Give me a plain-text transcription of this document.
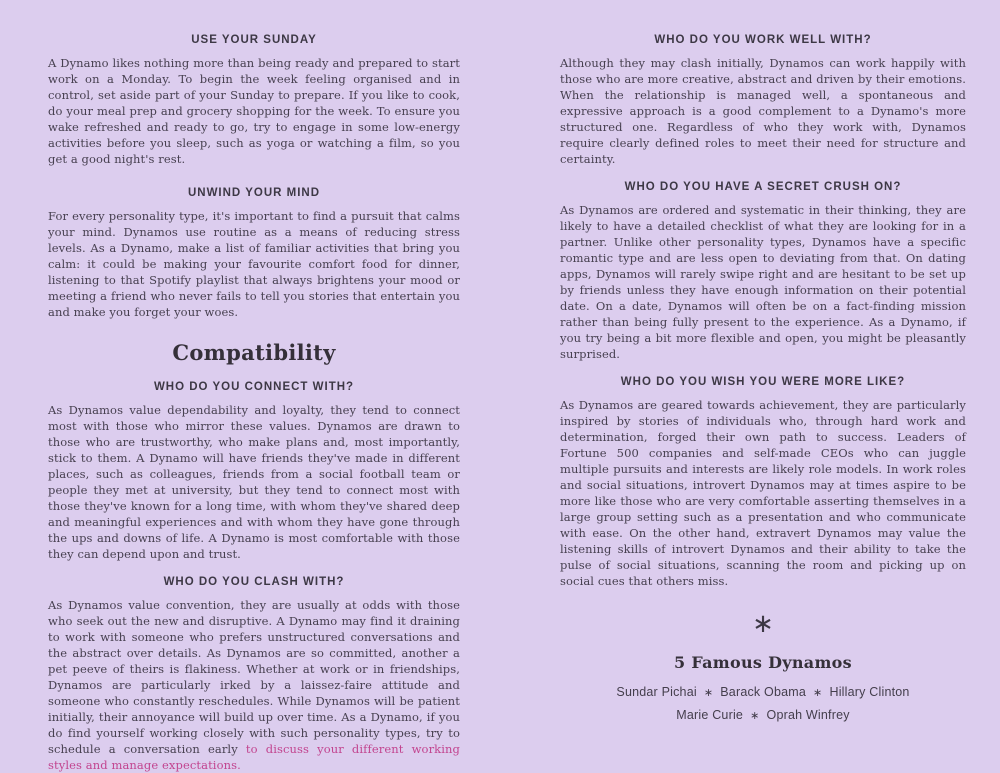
USE YOUR SUNDAY

A Dynamo likes nothing more than being ready and prepared to start work on a Monday. To begin the week feeling organised and in control, set aside part of your Sunday to prepare. If you like to cook, do your meal prep and grocery shopping for the week. To ensure you wake refreshed and ready to go, try to engage in some low-energy activities before you sleep, such as yoga or watching a film, so you get a good night's rest.

UNWIND YOUR MIND

For every personality type, it's important to find a pursuit that calms your mind. Dynamos use routine as a means of reducing stress levels. As a Dynamo, make a list of familiar activities that bring you calm: it could be making your favourite comfort food for dinner, listening to that Spotify playlist that always brightens your mood or meeting a friend who never fails to tell you stories that entertain you and make you forget your woes.

Compatibility
WHO DO YOU CONNECT WITH?

As Dynamos value dependability and loyalty, they tend to connect most with those who mirror these values. Dynamos are drawn to those who are trustworthy, who make plans and, most importantly, stick to them. A Dynamo will have friends they've made in different places, such as colleagues, friends from a social football team or people they met at university, but they tend to connect most with those they've known for a long time, with whom they've shared deep and meaningful experiences and with whom they have gone through the ups and downs of life. A Dynamo is most comfortable with those they can depend upon and trust.

WHO DO YOU CLASH WITH?

As Dynamos value convention, they are usually at odds with those who seek out the new and disruptive. A Dynamo may find it draining to work with someone who prefers unstructured conversations and the abstract over details. As Dynamos are so committed, another a pet peeve of theirs is flakiness. Whether at work or in friendships, Dynamos are particularly irked by a laissez-faire attitude and someone who constantly reschedules. While Dynamos will be patient initially, their annoyance will build up over time. As a Dynamo, if you do find yourself working closely with such personality types, try to schedule a conversation early to discuss your different working styles and manage expectations.

WHO DO YOU WORK WELL WITH?

Although they may clash initially, Dynamos can work happily with those who are more creative, abstract and driven by their emotions. When the relationship is managed well, a spontaneous and expressive approach is a good complement to a Dynamo's more structured one. Regardless of who they work with, Dynamos require clearly defined roles to meet their need for structure and certainty.

WHO DO YOU HAVE A SECRET CRUSH ON?

As Dynamos are ordered and systematic in their thinking, they are likely to have a detailed checklist of what they are looking for in a partner. Unlike other personality types, Dynamos have a specific romantic type and are less open to deviating from that. On dating apps, Dynamos will rarely swipe right and are hesitant to be set up by friends unless they have enough information on their potential date. On a date, Dynamos will often be on a fact-finding mission rather than being fully present to the experience. As a Dynamo, if you try being a bit more flexible and open, you might be pleasantly surprised.

WHO DO YOU WISH YOU WERE MORE LIKE?

As Dynamos are geared towards achievement, they are particularly inspired by stories of individuals who, through hard work and determination, forged their own path to success. Leaders of Fortune 500 companies and self-made CEOs who can juggle multiple pursuits and interests are likely role models. In work roles and social situations, introvert Dynamos may at times aspire to be more like those who are very comfortable asserting themselves in a large group setting such as a presentation and who communicate with ease. On the other hand, extravert Dynamos may value the listening skills of introvert Dynamos and their ability to take the pulse of social situations, scanning the room and picking up on social cues that others miss.

∗
5 Famous Dynamos
Sundar Pichai ∗ Barack Obama ∗ Hillary Clinton
Marie Curie ∗ Oprah Winfrey
